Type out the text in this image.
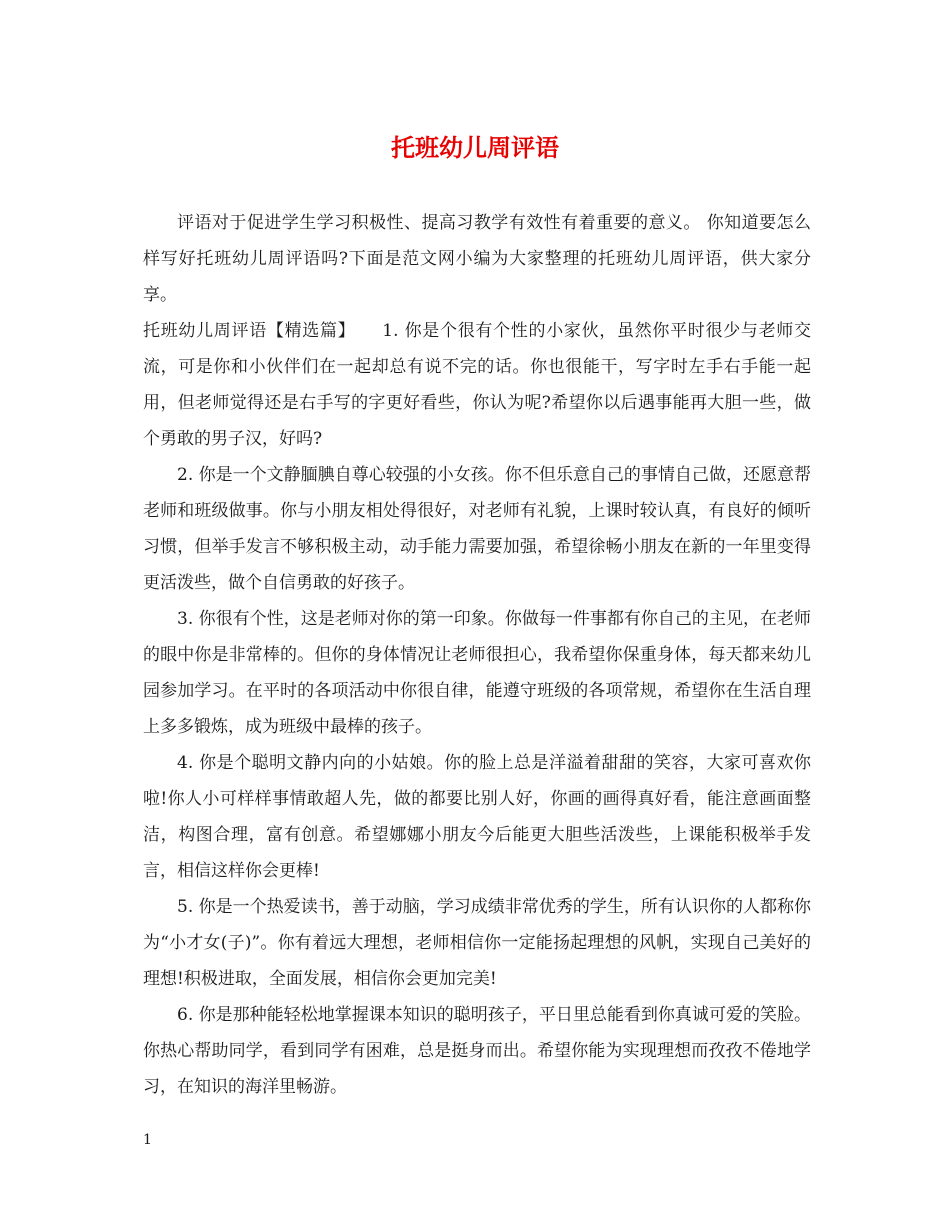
托班幼儿周评语

评语对于促进学生学习积极性、提高习教学有效性有着重要的意义。 你知道要怎么样写好托班幼儿周评语吗?下面是范文网小编为大家整理的托班幼儿周评语，供大家分享。

托班幼儿周评语【精选篇】　　1. 你是个很有个性的小家伙，虽然你平时很少与老师交流，可是你和小伙伴们在一起却总有说不完的话。你也很能干，写字时左手右手能一起用，但老师觉得还是右手写的字更好看些，你认为呢?希望你以后遇事能再大胆一些，做个勇敢的男子汉，好吗?

2. 你是一个文静腼腆自尊心较强的小女孩。你不但乐意自己的事情自己做，还愿意帮老师和班级做事。你与小朋友相处得很好，对老师有礼貌，上课时较认真，有良好的倾听习惯，但举手发言不够积极主动，动手能力需要加强，希望徐畅小朋友在新的一年里变得更活泼些，做个自信勇敢的好孩子。

3. 你很有个性，这是老师对你的第一印象。你做每一件事都有你自己的主见，在老师的眼中你是非常棒的。但你的身体情况让老师很担心，我希望你保重身体，每天都来幼儿园参加学习。在平时的各项活动中你很自律，能遵守班级的各项常规，希望你在生活自理上多多锻炼，成为班级中最棒的孩子。

4. 你是个聪明文静内向的小姑娘。你的脸上总是洋溢着甜甜的笑容，大家可喜欢你啦!你人小可样样事情敢超人先，做的都要比别人好，你画的画得真好看，能注意画面整洁，构图合理，富有创意。希望娜娜小朋友今后能更大胆些活泼些，上课能积极举手发言，相信这样你会更棒!

5. 你是一个热爱读书，善于动脑，学习成绩非常优秀的学生，所有认识你的人都称你为“小才女(子)”。你有着远大理想，老师相信你一定能扬起理想的风帆，实现自己美好的理想!积极进取，全面发展，相信你会更加完美!

6. 你是那种能轻松地掌握课本知识的聪明孩子，平日里总能看到你真诚可爱的笑脸。你热心帮助同学，看到同学有困难，总是挺身而出。希望你能为实现理想而孜孜不倦地学习，在知识的海洋里畅游。

1
